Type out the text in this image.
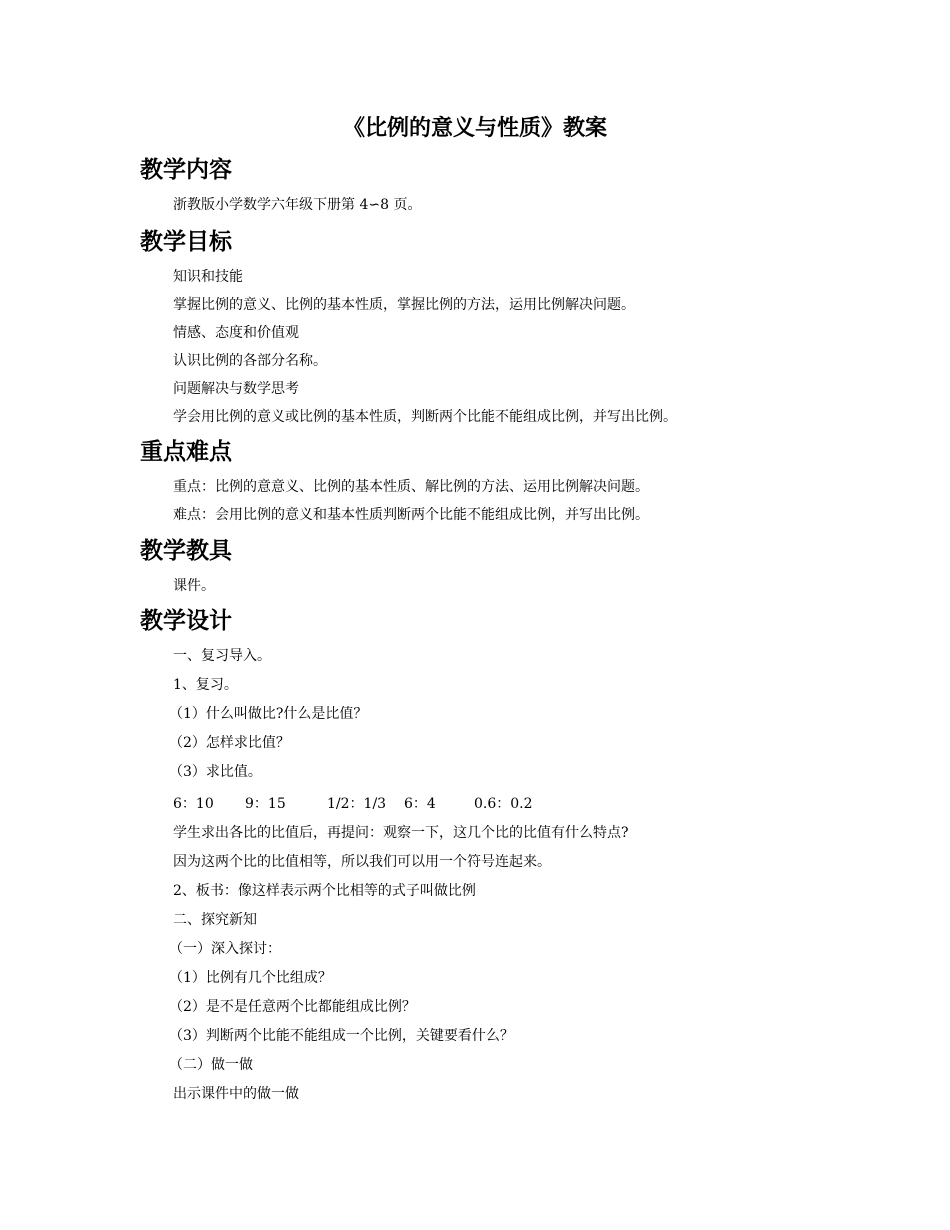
《比例的意义与性质》教案
教学内容
浙教版小学数学六年级下册第 4∽8 页。
教学目标
知识和技能
掌握比例的意义、比例的基本性质，掌握比例的方法，运用比例解决问题。
情感、态度和价值观
认识比例的各部分名称。
问题解决与数学思考
学会用比例的意义或比例的基本性质，判断两个比能不能组成比例，并写出比例。
重点难点
重点：比例的意意义、比例的基本性质、解比例的方法、运用比例解决问题。
难点：会用比例的意义和基本性质判断两个比能不能组成比例，并写出比例。
教学教具
课件。
教学设计
一、复习导入。
1、复习。
（1）什么叫做比?什么是比值？
（2）怎样求比值？
（3）求比值。
6：10	9：15	1/2：1/3	6：4	0.6：0.2
学生求出各比的比值后，再提问：观察一下，这几个比的比值有什么特点?
因为这两个比的比值相等，所以我们可以用一个符号连起来。
2、板书：像这样表示两个比相等的式子叫做比例
二、探究新知
（一）深入探讨：
（1）比例有几个比组成？
（2）是不是任意两个比都能组成比例？
（3）判断两个比能不能组成一个比例，关键要看什么？
（二）做一做
出示课件中的做一做
